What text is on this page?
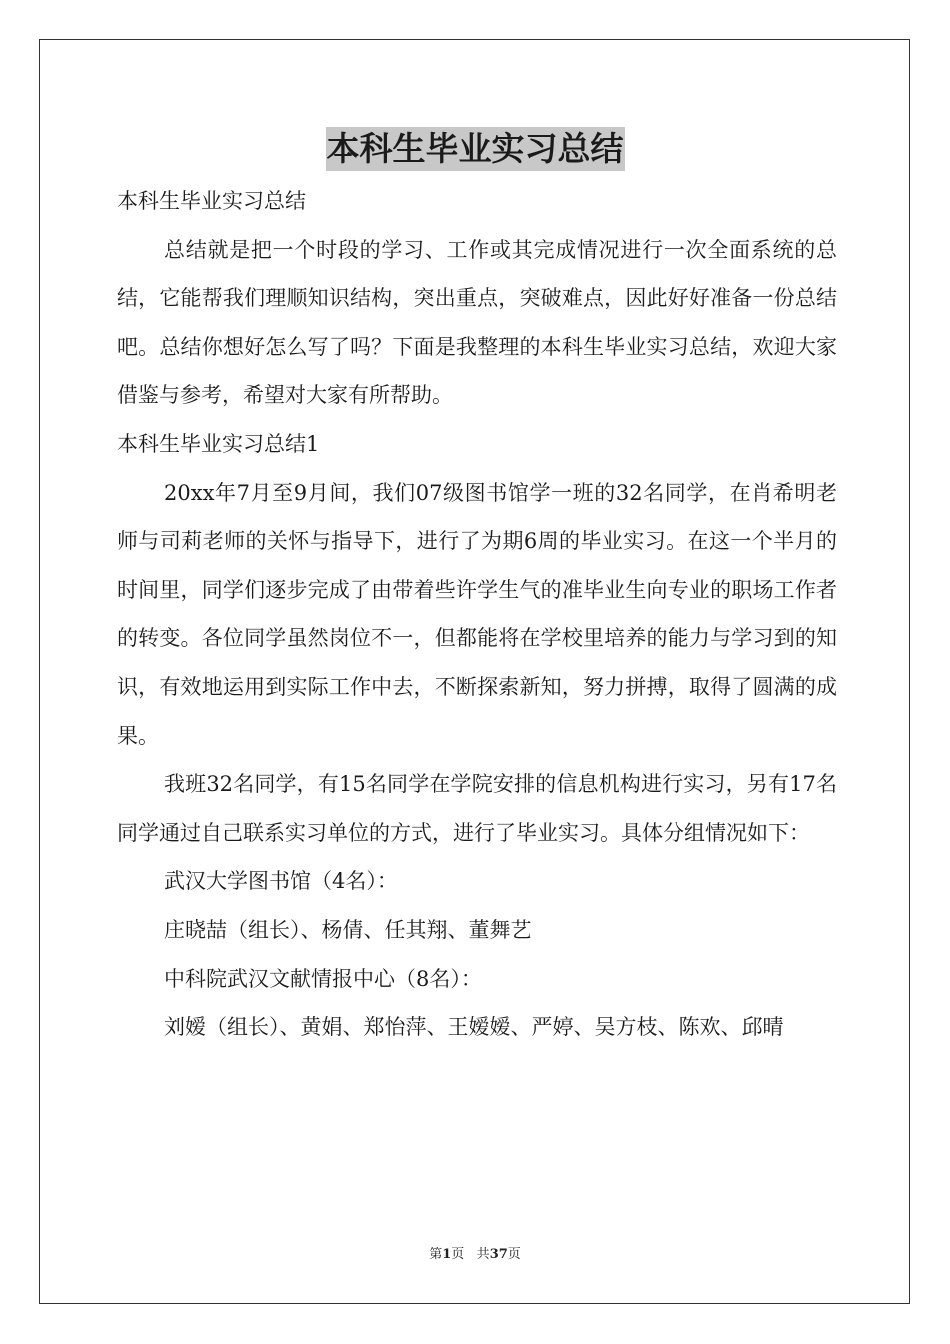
本科生毕业实习总结

本科生毕业实习总结

总结就是把一个时段的学习、工作或其完成情况进行一次全面系统的总结，它能帮我们理顺知识结构，突出重点，突破难点，因此好好准备一份总结吧。总结你想好怎么写了吗？下面是我整理的本科生毕业实习总结，欢迎大家借鉴与参考，希望对大家有所帮助。

本科生毕业实习总结1

20xx年7月至9月间，我们07级图书馆学一班的32名同学，在肖希明老师与司莉老师的关怀与指导下，进行了为期6周的毕业实习。在这一个半月的时间里，同学们逐步完成了由带着些许学生气的准毕业生向专业的职场工作者的转变。各位同学虽然岗位不一，但都能将在学校里培养的能力与学习到的知识，有效地运用到实际工作中去，不断探索新知，努力拼搏，取得了圆满的成果。

我班32名同学，有15名同学在学院安排的信息机构进行实习，另有17名同学通过自己联系实习单位的方式，进行了毕业实习。具体分组情况如下：

武汉大学图书馆（4名）：

庄晓喆（组长）、杨倩、任其翔、董舞艺

中科院武汉文献情报中心（8名）：

刘嫒（组长）、黄娟、郑怡萍、王嫒嫒、严婷、吴方枝、陈欢、邱晴

第1页 共37页
